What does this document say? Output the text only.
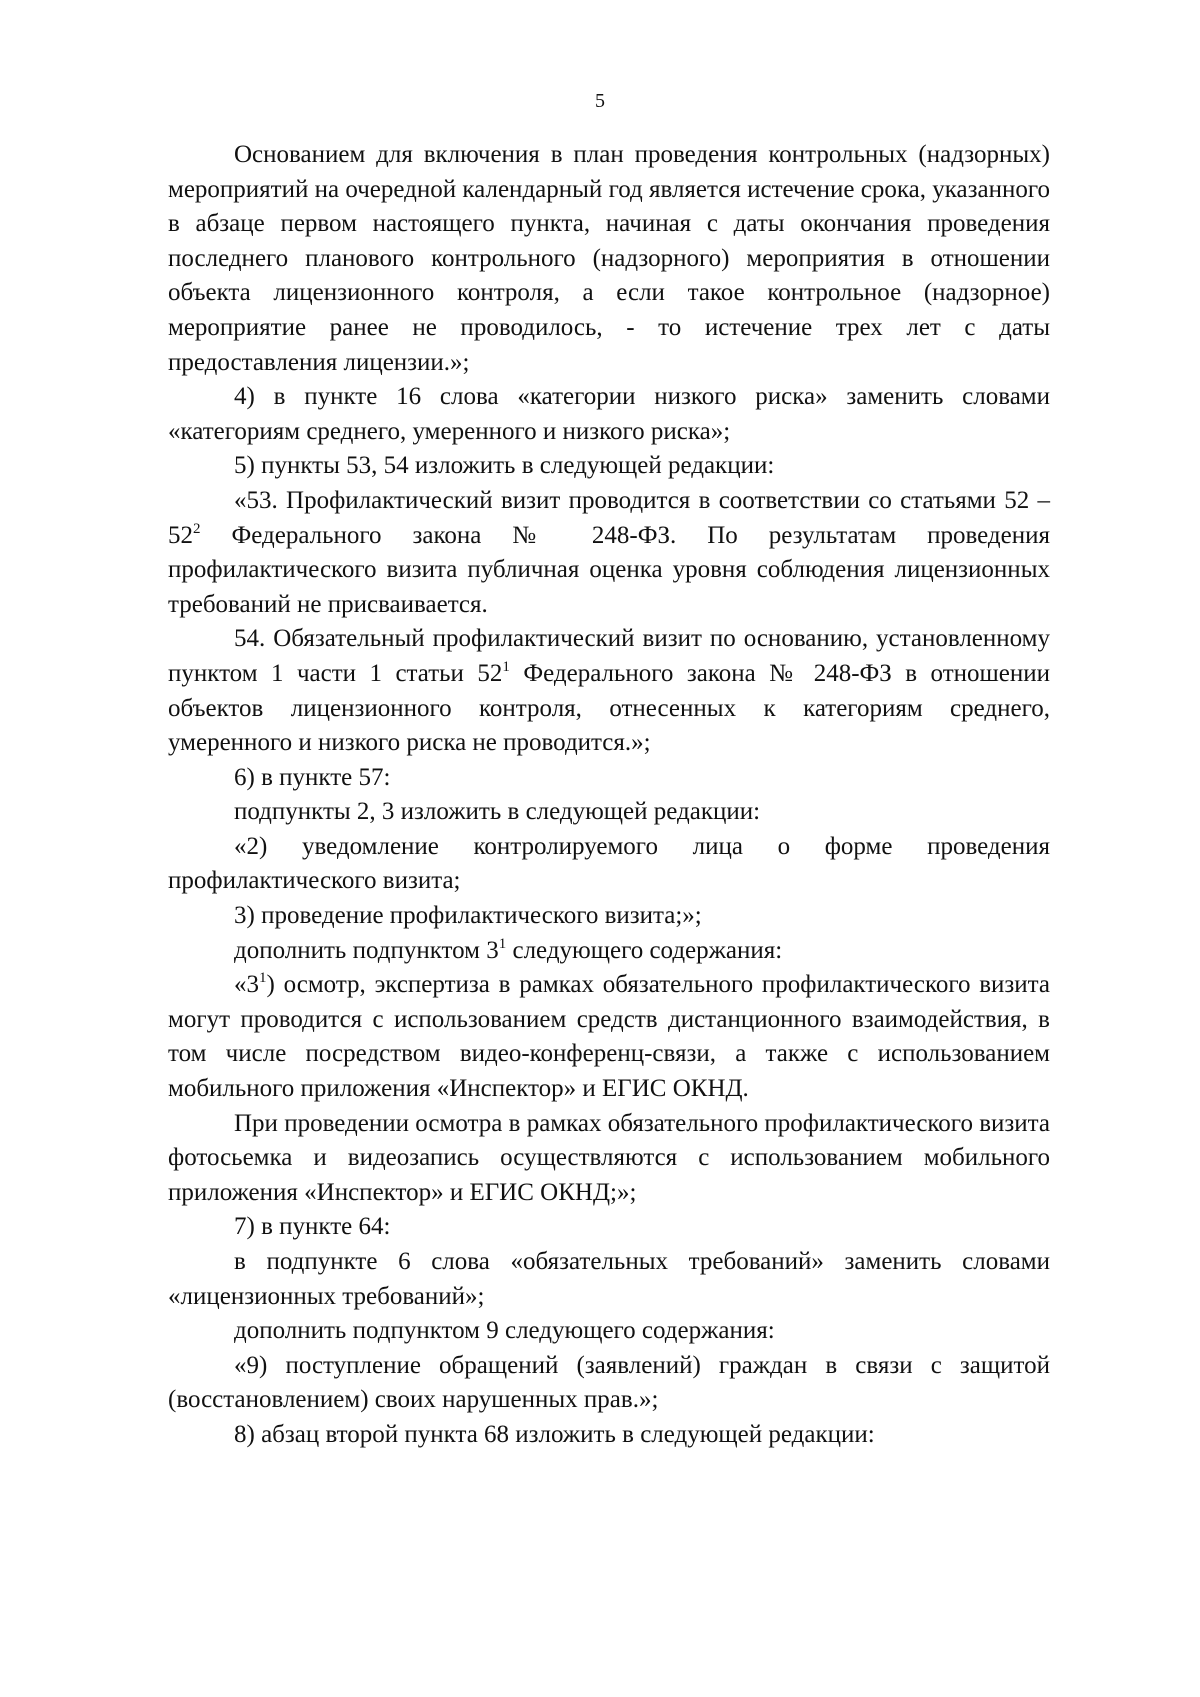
5

Основанием для включения в план проведения контрольных (надзорных) мероприятий на очередной календарный год является истечение срока, указанного в абзаце первом настоящего пункта, начиная с даты окончания проведения последнего планового контрольного (надзорного) мероприятия в отношении объекта лицензионного контроля, а если такое контрольное (надзорное) мероприятие ранее не проводилось, - то истечение трех лет с даты предоставления лицензии.»;

4) в пункте 16 слова «категории низкого риска» заменить словами «категориям среднего, умеренного и низкого риска»;

5) пункты 53, 54 изложить в следующей редакции:

«53. Профилактический визит проводится в соответствии со статьями $52 - 52^2$ Федерального закона № 248-ФЗ. По результатам проведения профилактического визита публичная оценка уровня соблюдения лицензионных требований не присваивается.

54. Обязательный профилактический визит по основанию, установленному пунктом 1 части 1 статьи $52^1$ Федерального закона № 248-ФЗ в отношении объектов лицензионного контроля, отнесенных к категориям среднего, умеренного и низкого риска не проводится.»;

6) в пункте 57:

подпункты 2, 3 изложить в следующей редакции:

«2) уведомление контролируемого лица о форме проведения профилактического визита;

3) проведение профилактического визита;»;

дополнить подпунктом $3^1$ следующего содержания:

«$3^1$) осмотр, экспертиза в рамках обязательного профилактического визита могут проводится с использованием средств дистанционного взаимодействия, в том числе посредством видео-конференц-связи, а также с использованием мобильного приложения «Инспектор» и ЕГИС ОКНД.

При проведении осмотра в рамках обязательного профилактического визита фотосьемка и видеозапись осуществляются с использованием мобильного приложения «Инспектор» и ЕГИС ОКНД;»;

7) в пункте 64:

в подпункте 6 слова «обязательных требований» заменить словами «лицензионных требований»;

дополнить подпунктом 9 следующего содержания:

«9) поступление обращений (заявлений) граждан в связи с защитой (восстановлением) своих нарушенных прав.»;

8) абзац второй пункта 68 изложить в следующей редакции:
